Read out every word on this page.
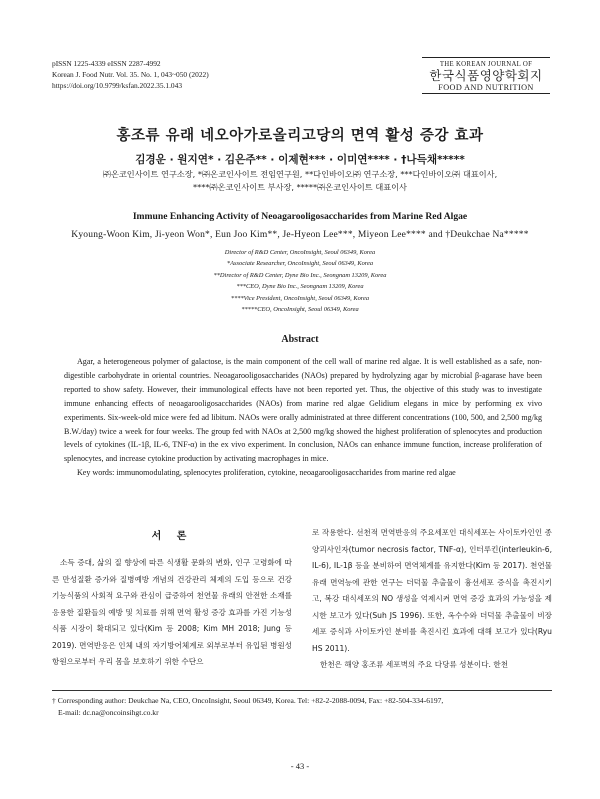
pISSN 1225-4339 eISSN 2287-4992
Korean J. Food Nutr. Vol. 35. No. 1, 043~050 (2022)
https://doi.org/10.9799/ksfan.2022.35.1.043
THE KOREAN JOURNAL OF
한국식품영양학회지
FOOD AND NUTRITION
홍조류 유래 네오아가로올리고당의 면역 활성 증강 효과
김경운 · 원지연* · 김은주** · 이제현*** · 이미연**** · †나득채*****
㈜온코인사이트 연구소장, *㈜온코인사이트 전임연구원, **다인바이오㈜ 연구소장, ***다인바이오㈜ 대표이사,
****㈜온코인사이트 부사장, *****㈜온코인사이트 대표이사
Immune Enhancing Activity of Neoagarooligosaccharides from Marine Red Algae
Kyoung-Woon Kim, Ji-yeon Won*, Eun Joo Kim**, Je-Hyeon Lee***, Miyeon Lee**** and †Deukchae Na*****
Director of R&D Center, OncoInsight, Seoul 06349, Korea
*Associate Researcher, OncoInsight, Seoul 06349, Korea
**Director of R&D Center, Dyne Bio Inc., Seongnam 13209, Korea
***CEO, Dyne Bio Inc., Seongnam 13209, Korea
****Vice President, OncoInsight, Seoul 06349, Korea
*****CEO, OncoInsight, Seoul 06349, Korea
Abstract

Agar, a heterogeneous polymer of galactose, is the main component of the cell wall of marine red algae. It is well established as a safe, non-digestible carbohydrate in oriental countries. Neoagarooligosaccharides (NAOs) prepared by hydrolyzing agar by microbial β-agarase have been reported to show safety. However, their immunological effects have not been reported yet. Thus, the objective of this study was to investigate immune enhancing effects of neoagarooligosaccharides (NAOs) from marine red algae Gelidium elegans in mice by performing ex vivo experiments. Six-week-old mice were fed ad libitum. NAOs were orally administrated at three different concentrations (100, 500, and 2,500 mg/kg B.W./day) twice a week for four weeks. The group fed with NAOs at 2,500 mg/kg showed the highest proliferation of splenocytes and production levels of cytokines (IL-1β, IL-6, TNF-α) in the ex vivo experiment. In conclusion, NAOs can enhance immune function, increase proliferation of splenocytes, and increase cytokine production by activating macrophages in mice.

Key words: immunomodulating, splenocytes proliferation, cytokine, neoagarooligosaccharides from marine red algae

서 론

소득 증대, 삶의 질 향상에 따른 식생활 문화의 변화, 인구 고령화에 따른 만성질환 증가와 질병예방 개념의 건강관리 체제의 도입 등으로 건강기능식품의 사회적 요구와 관심이 급증하여 천연물 유래의 안전한 소재를 응용한 질환들의 예방 및 치료를 위해 면역 활성 증강 효과를 가진 기능성 식품 시장이 확대되고 있다(Kim 등 2008; Kim MH 2018; Jung 등 2019). 면역반응은 인체 내의 자기방어체계로 외부로부터 유입된 병원성 항원으로부터 우리 몸을 보호하기 위한 수단으

로 작용한다. 선천적 면역반응의 주요세포인 대식세포는 사이토카인인 종양괴사인자(tumor necrosis factor, TNF-α), 인터루킨(interleukin-6, IL-6), IL-1β 등을 분비하여 면역체계를 유지한다(Kim 등 2017). 천연물 유래 면역능에 관한 연구는 더덕물 추출물이 흉선세포 증식을 촉진시키고, 복강 대식세포의 NO 생성을 억제시켜 면역 증강 효과의 가능성을 제시한 보고가 있다(Suh JS 1996). 또한, 옥수수와 더덕물 추출물이 비장세포 증식과 사이토카인 분비를 촉진시킨 효과에 대해 보고가 있다(Ryu HS 2011).

한천은 해양 홍조류 세포벽의 주요 다당류 성분이다. 한천

† Corresponding author: Deukchae Na, CEO, OncoInsight, Seoul 06349, Korea. Tel: +82-2-2088-0094, Fax: +82-504-334-6197,
E-mail: dc.na@oncoinsihgt.co.kr
- 43 -
